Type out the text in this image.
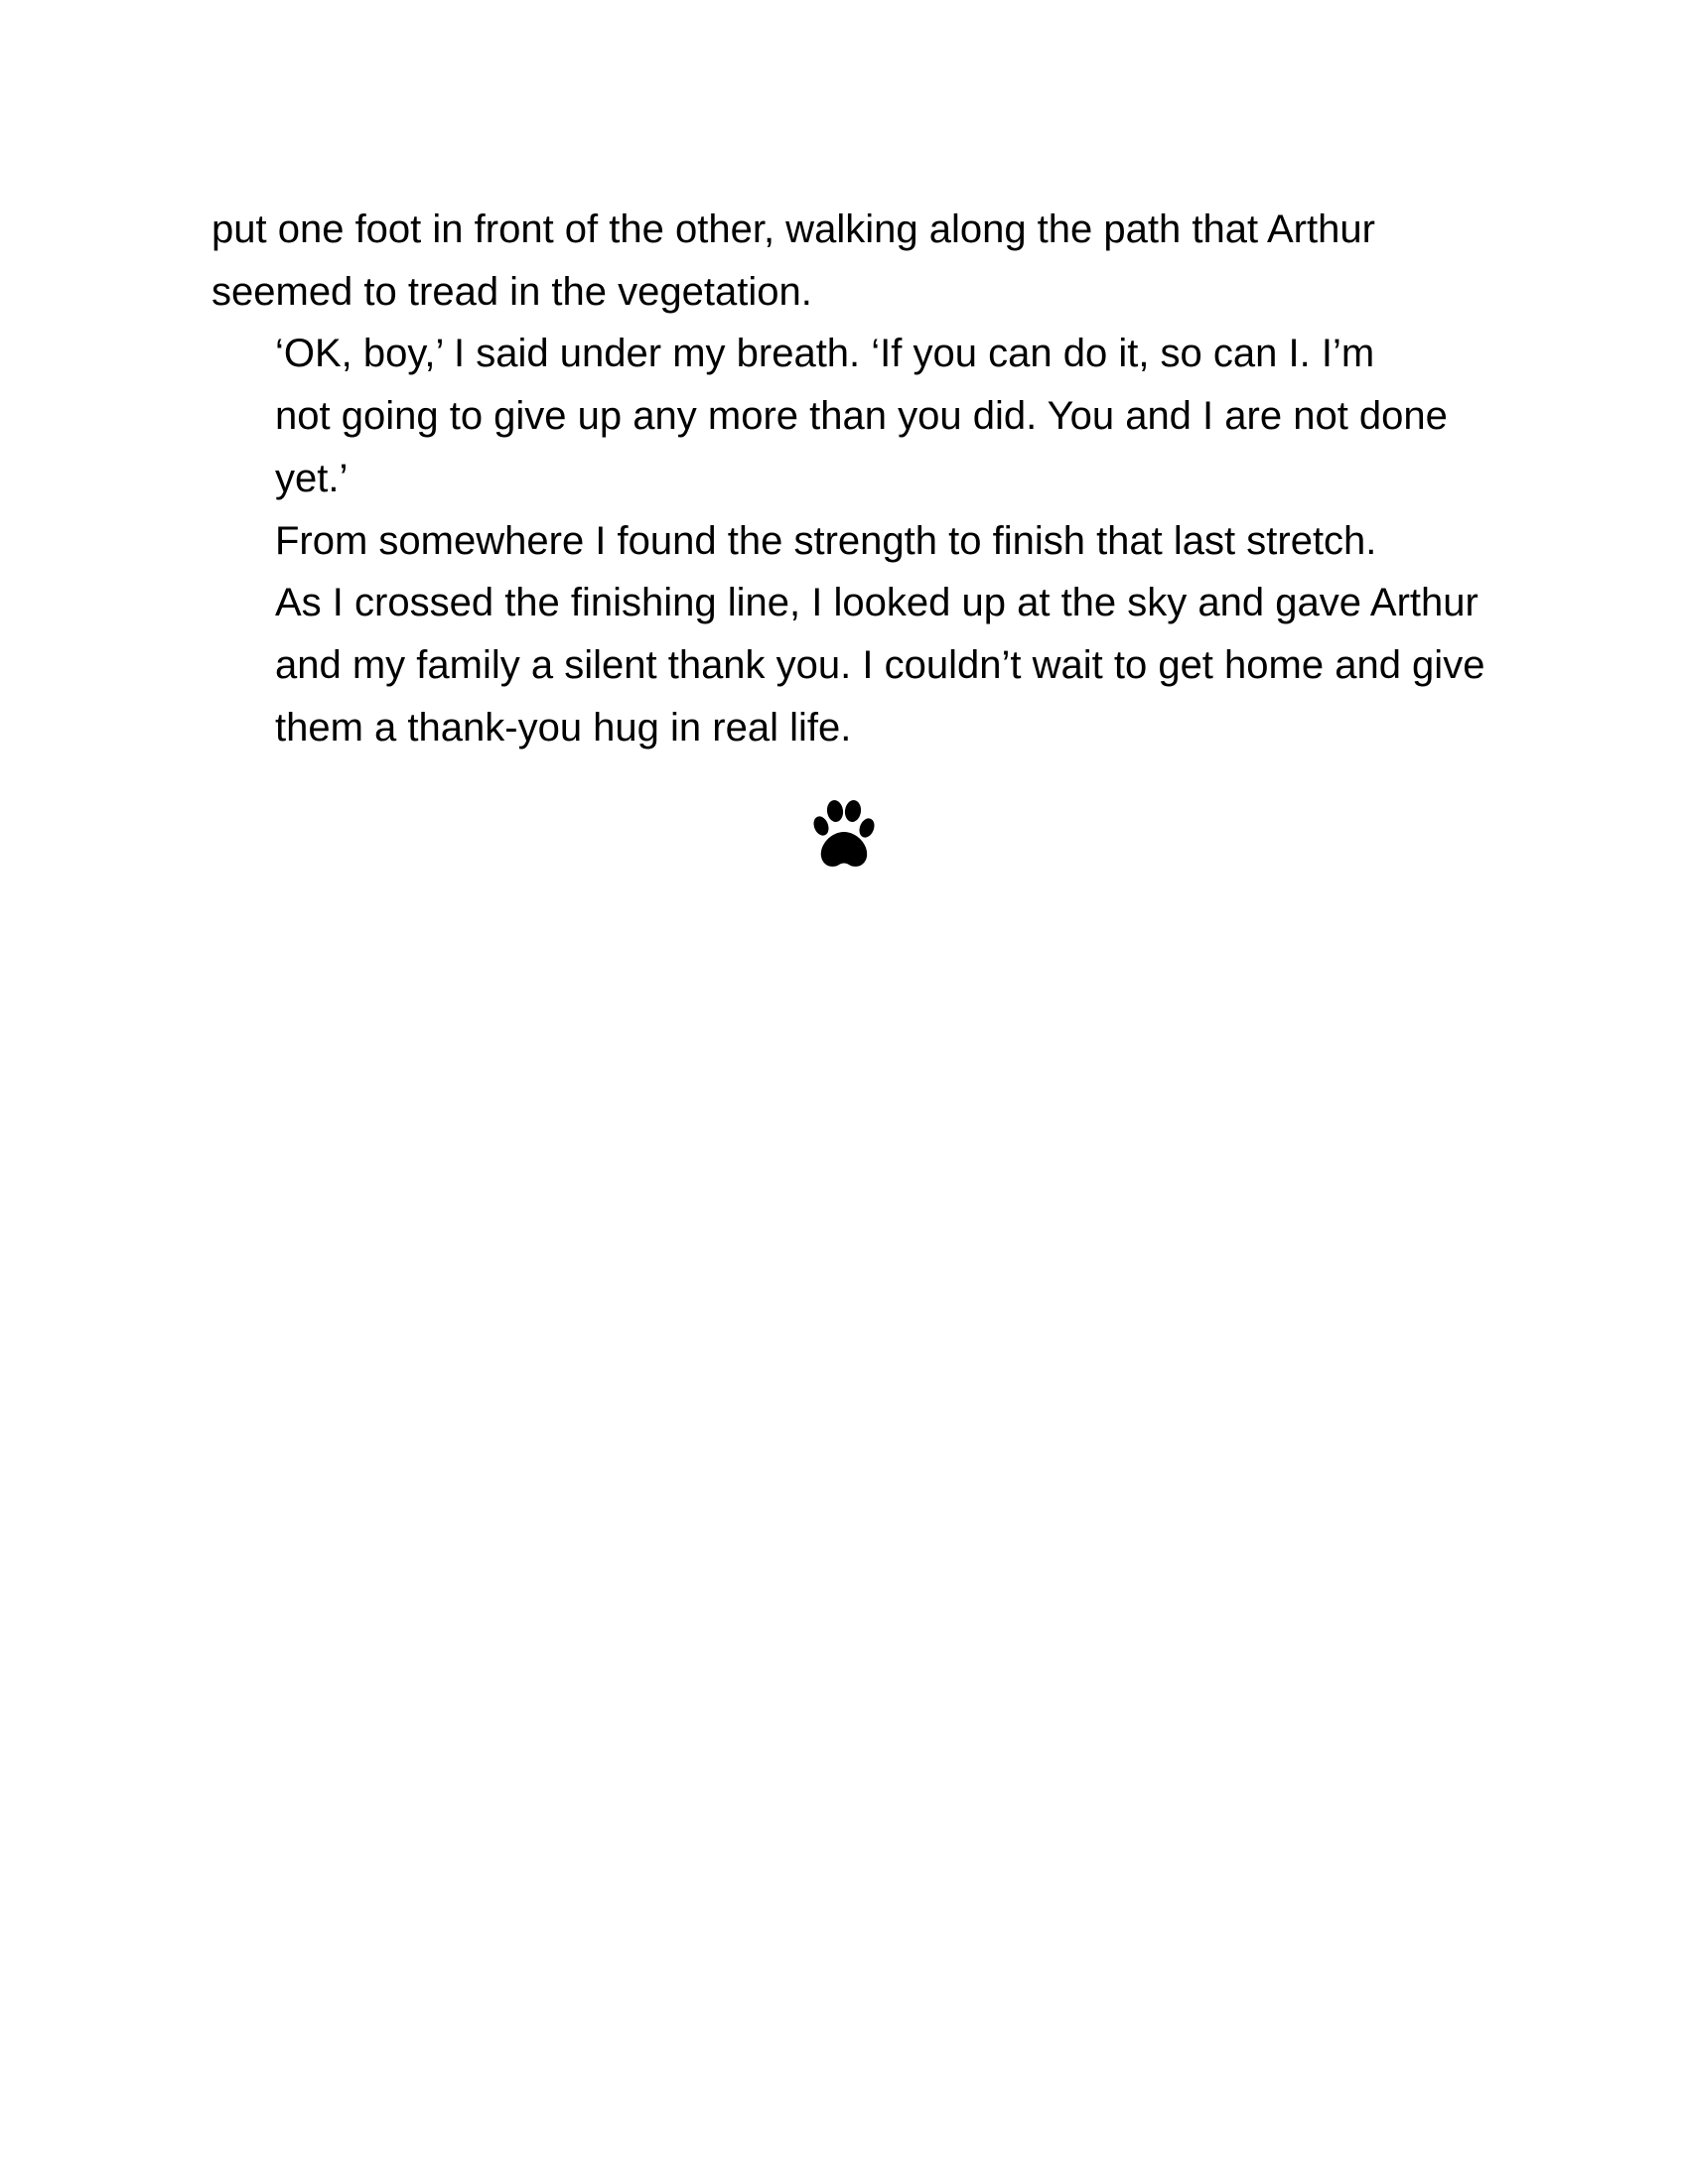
put one foot in front of the other, walking along the path that Arthur
seemed to tread in the vegetation.

‘OK, boy,’ I said under my breath. ‘If you can do it, so can I. I’m
not going to give up any more than you did. You and I are not done
yet.’

From somewhere I found the strength to finish that last stretch.
As I crossed the finishing line, I looked up at the sky and gave Arthur
and my family a silent thank you. I couldn’t wait to get home and give
them a thank-you hug in real life.
